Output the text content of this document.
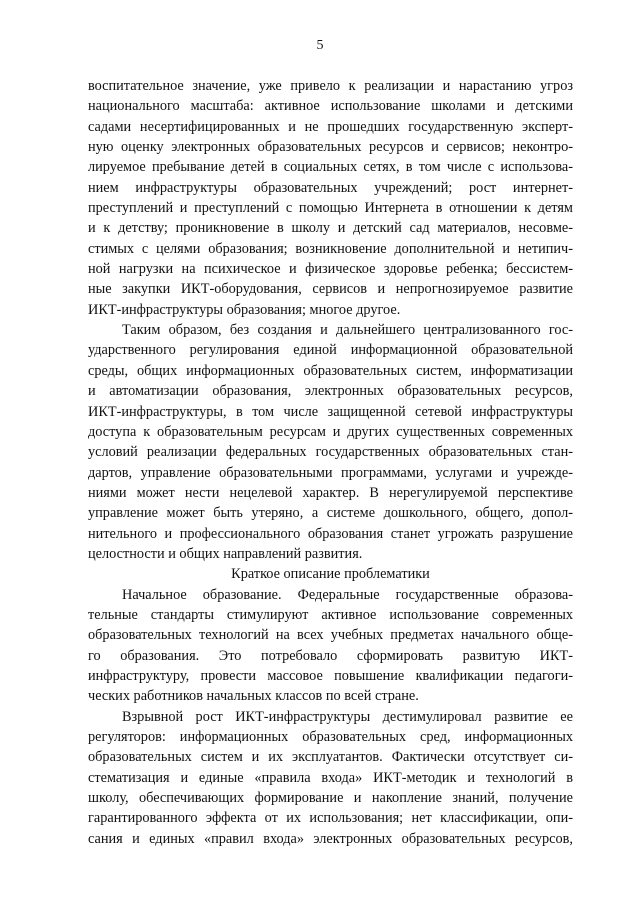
5
воспитательное значение, уже привело к реализации и нарастанию угроз
национального масштаба: активное использование школами и детскими
садами несертифицированных и не прошедших государственную эксперт-
ную оценку электронных образовательных ресурсов и сервисов; неконтро-
лируемое пребывание детей в социальных сетях, в том числе с использова-
нием инфраструктуры образовательных учреждений; рост интернет-
преступлений и преступлений с помощью Интернета в отношении к детям
и к детству; проникновение в школу и детский сад материалов, несовме-
стимых с целями образования; возникновение дополнительной и нетипич-
ной нагрузки на психическое и физическое здоровье ребенка; бессистем-
ные закупки ИКТ-оборудования, сервисов и непрогнозируемое развитие
ИКТ-инфраструктуры образования; многое другое.
Таким образом, без создания и дальнейшего централизованного гос-
ударственного регулирования единой информационной образовательной
среды, общих информационных образовательных систем, информатизации
и автоматизации образования, электронных образовательных ресурсов,
ИКТ-инфраструктуры, в том числе защищенной сетевой инфраструктуры
доступа к образовательным ресурсам и других существенных современных
условий реализации федеральных государственных образовательных стан-
дартов, управление образовательными программами, услугами и учрежде-
ниями может нести нецелевой характер. В нерегулируемой перспективе
управление может быть утеряно, а системе дошкольного, общего, допол-
нительного и профессионального образования станет угрожать разрушение
целостности и общих направлений развития.
Краткое описание проблематики
Начальное образование. Федеральные государственные образова-
тельные стандарты стимулируют активное использование современных
образовательных технологий на всех учебных предметах начального обще-
го образования. Это потребовало сформировать развитую ИКТ-
инфраструктуру, провести массовое повышение квалификации педагоги-
ческих работников начальных классов по всей стране.
Взрывной рост ИКТ-инфраструктуры дестимулировал развитие ее
регуляторов: информационных образовательных сред, информационных
образовательных систем и их эксплуатантов. Фактически отсутствует си-
стематизация и единые «правила входа» ИКТ-методик и технологий в
школу, обеспечивающих формирование и накопление знаний, получение
гарантированного эффекта от их использования; нет классификации, опи-
сания и единых «правил входа» электронных образовательных ресурсов,
